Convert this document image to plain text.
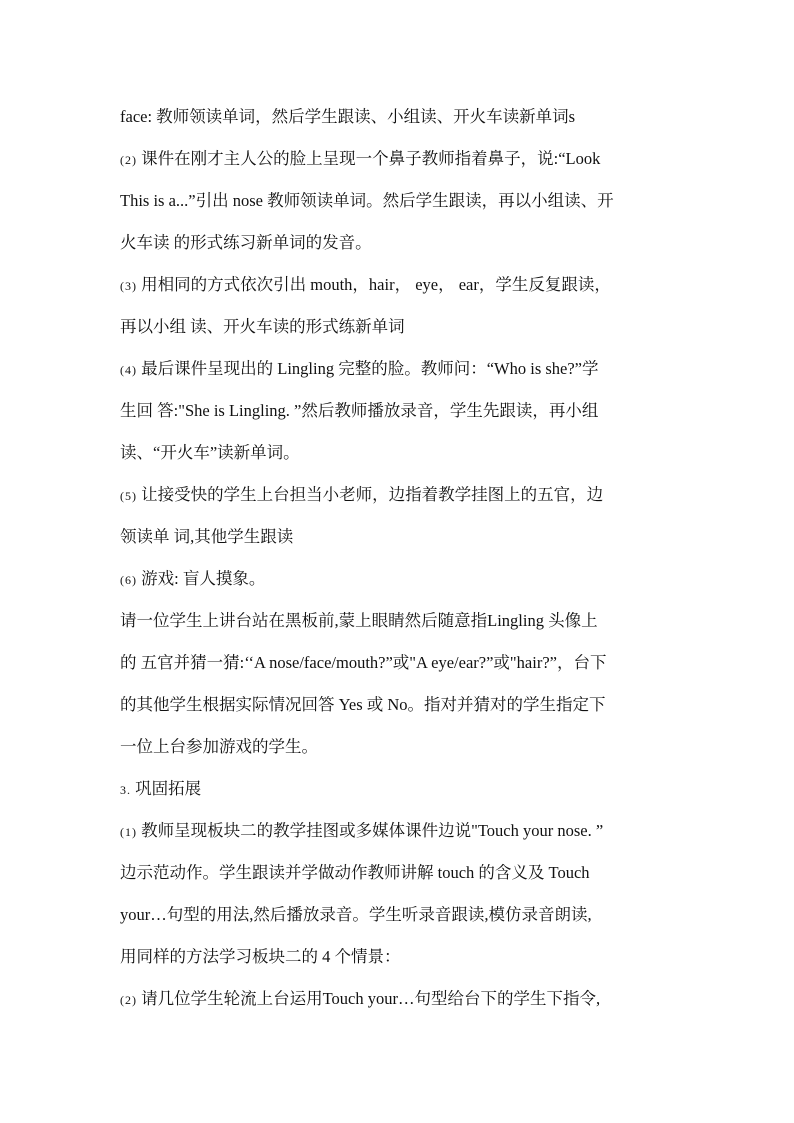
face: 教师领读单词，然后学生跟读、小组读、开火车读新单词s
(2) 课件在刚才主人公的脸上呈现一个鼻子教师指着鼻子，说:“Look
This is a...”引出 nose 教师领读单词。然后学生跟读，再以小组读、开
火车读 的形式练习新单词的发音。
(3) 用相同的方式依次引出 mouth，hair， eye， ear，学生反复跟读，
再以小组 读、开火车读的形式练新单词
(4) 最后课件呈现出的 Lingling 完整的脸。教师问：“Who is she?”学
生回 答:"She is Lingling. ”然后教师播放录音，学生先跟读，再小组
读、“开火车”读新单词。
(5) 让接受快的学生上台担当小老师，边指着教学挂图上的五官，边
领读单 词,其他学生跟读
(6) 游戏: 盲人摸象。
请一位学生上讲台站在黑板前,蒙上眼睛然后随意指Lingling 头像上
的 五官并猜一猜:‘‘A nose/face/mouth?”或"A eye/ear?”或"hair?”，台下
的其他学生根据实际情况回答 Yes 或 No。指对并猜对的学生指定下
一位上台参加游戏的学生。
3. 巩固拓展
(1) 教师呈现板块二的教学挂图或多媒体课件边说"Touch your nose. ”
边示范动作。学生跟读并学做动作教师讲解 touch 的含义及 Touch
your…句型的用法,然后播放录音。学生听录音跟读,模仿录音朗读,
用同样的方法学习板块二的 4 个情景：
(2) 请几位学生轮流上台运用Touch your…句型给台下的学生下指令,
